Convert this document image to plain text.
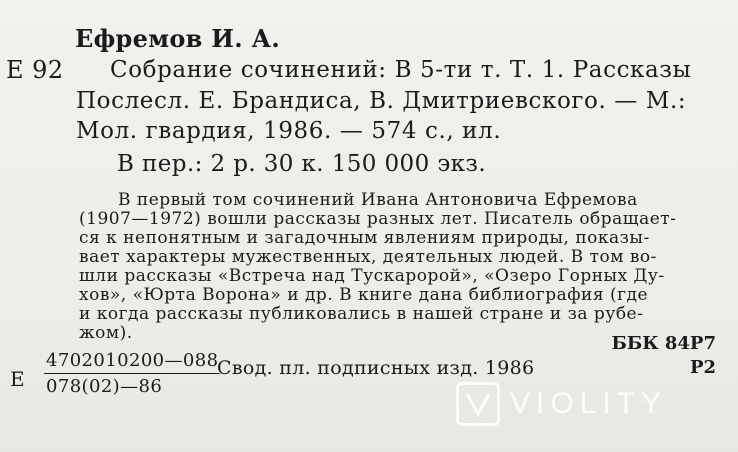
Ефремов И. А.
Е 92 Собрание сочинений: В 5-ти т. Т. 1. Рассказы
Послесл. Е. Брандиса, В. Дмитриевского. — М.:
Мол. гвардия, 1986. — 574 с., ил.
В пер.: 2 р. 30 к. 150 000 экз.
В первый том сочинений Ивана Антоновича Ефремова
(1907—1972) вошли рассказы разных лет. Писатель обращает-
ся к непонятным и загадочным явлениям природы, показы-
вает характеры мужественных, деятельных людей. В том во-
шли рассказы «Встреча над Тускаророй», «Озеро Горных Ду-
хов», «Юрта Ворона» и др. В книге дана библиография (где
и когда рассказы публиковались в нашей стране и за рубе-
жом).	ББК 84Р7
Р2
Е $\frac{4702010200—088}{078(02)—86}$
Свод. пл. подписных изд. 1986
VIOLITY
